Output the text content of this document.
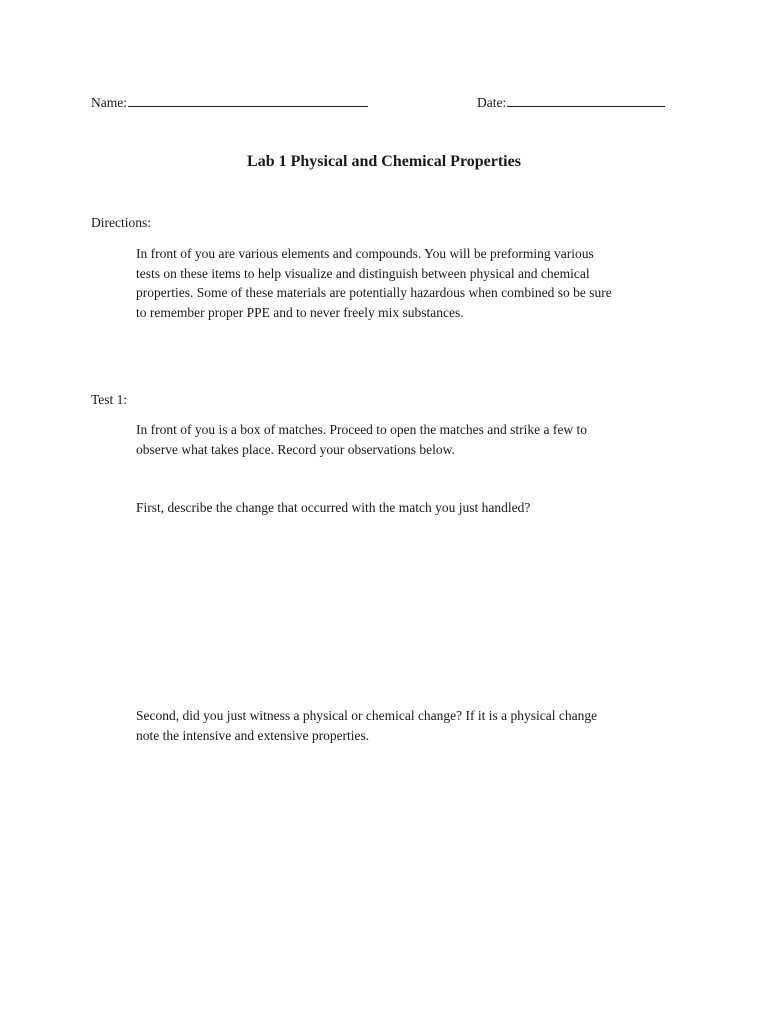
Name:	Date:
Lab 1 Physical and Chemical Properties
Directions:
In front of you are various elements and compounds. You will be preforming various
tests on these items to help visualize and distinguish between physical and chemical
properties. Some of these materials are potentially hazardous when combined so be sure
to remember proper PPE and to never freely mix substances.
Test 1:
In front of you is a box of matches. Proceed to open the matches and strike a few to
observe what takes place. Record your observations below.
First, describe the change that occurred with the match you just handled?
Second, did you just witness a physical or chemical change? If it is a physical change
note the intensive and extensive properties.
